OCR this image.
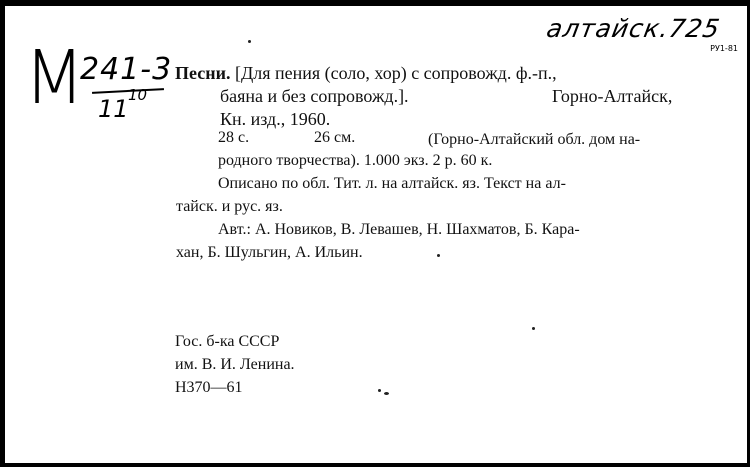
алтайск.725
РУ1-81
М
241-3
10
11
Песни. [Для пения (соло, хор) с сопровожд. ф.-п.,
баяна и без сопровожд.].	Горно-Алтайск,
Кн. изд., 1960.
28 с.	26 см.	(Горно-Алтайский обл. дом на-
родного творчества). 1.000 экз. 2 р. 60 к.
Описано по обл. Тит. л. на алтайск. яз. Текст на ал-
тайск. и рус. яз.
Авт.: А. Новиков, В. Левашев, Н. Шахматов, Б. Кара-
хан, Б. Шульгин, А. Ильин.
Гос. б-ка СССР
им. В. И. Ленина.
Н370—61
